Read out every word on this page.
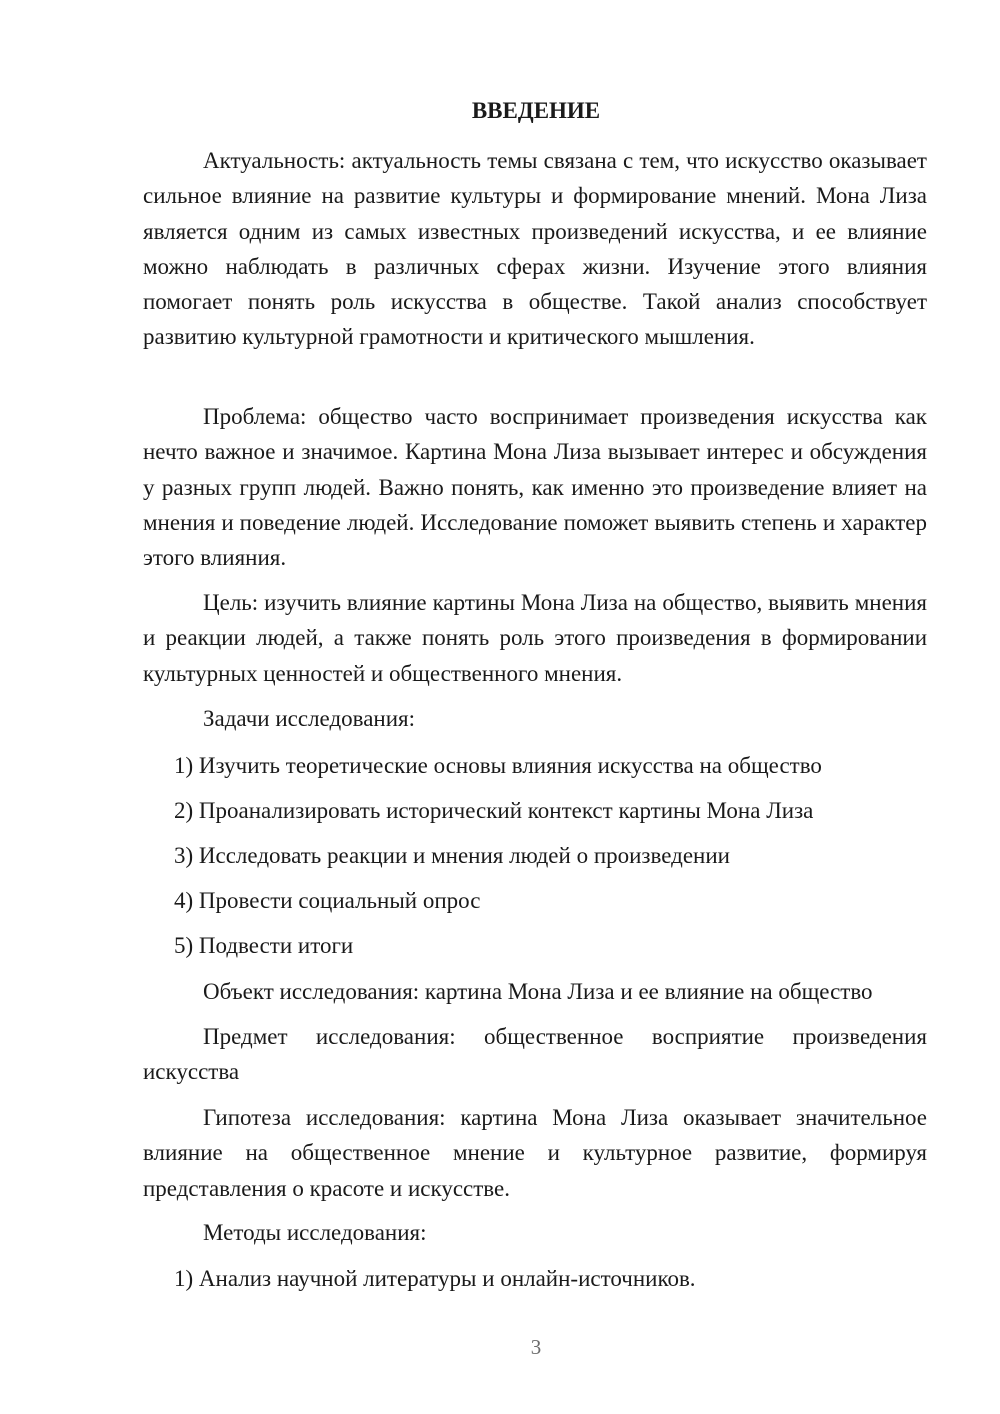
ВВЕДЕНИЕ

Актуальность: актуальность темы связана с тем, что искусство оказывает сильное влияние на развитие культуры и формирование мнений. Мона Лиза является одним из самых известных произведений искусства, и ее влияние можно наблюдать в различных сферах жизни. Изучение этого влияния помогает понять роль искусства в обществе. Такой анализ способствует развитию культурной грамотности и критического мышления.

Проблема: общество часто воспринимает произведения искусства как нечто важное и значимое. Картина Мона Лиза вызывает интерес и обсуждения у разных групп людей. Важно понять, как именно это произведение влияет на мнения и поведение людей. Исследование поможет выявить степень и характер этого влияния.

Цель: изучить влияние картины Мона Лиза на общество, выявить мнения и реакции людей, а также понять роль этого произведения в формировании культурных ценностей и общественного мнения.

Задачи исследования:

1) Изучить теоретические основы влияния искусства на общество
2) Проанализировать исторический контекст картины Мона Лиза
3) Исследовать реакции и мнения людей о произведении
4) Провести социальный опрос
5) Подвести итоги

Объект исследования: картина Мона Лиза и ее влияние на общество

Предмет исследования: общественное восприятие произведения искусства

Гипотеза исследования: картина Мона Лиза оказывает значительное влияние на общественное мнение и культурное развитие, формируя представления о красоте и искусстве.

Методы исследования:

1) Анализ научной литературы и онлайн-источников.
3
